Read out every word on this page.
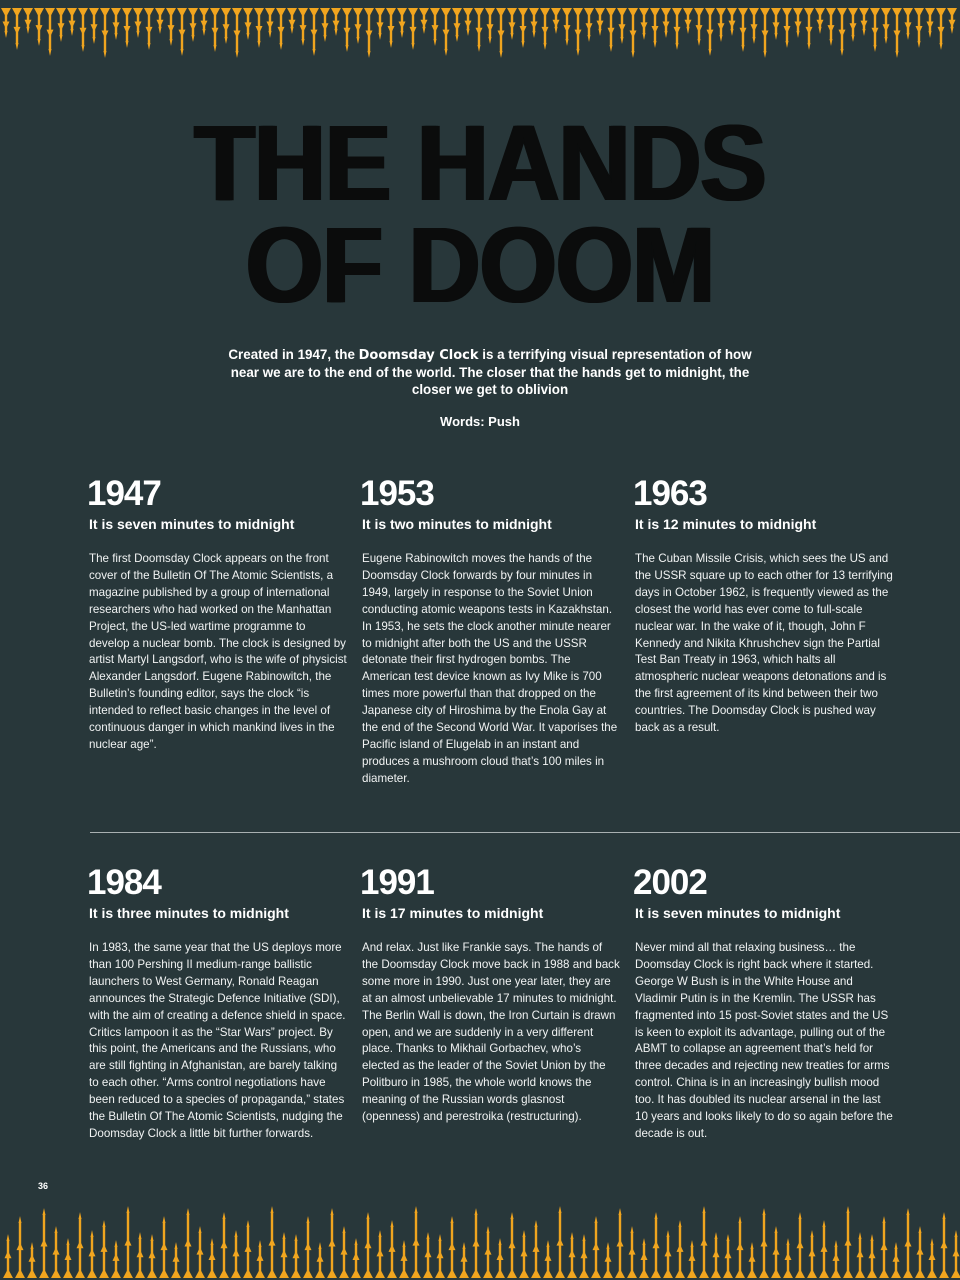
THE HANDS
OF DOOM

Created in 1947, the Doomsday Clock is a terrifying visual representation of how near we are to the end of the world. The closer that the hands get to midnight, the closer we get to oblivion

Words: Push
1947
It is seven minutes to midnight
The first Doomsday Clock appears on the front cover of the Bulletin Of The Atomic Scientists, a magazine published by a group of international researchers who had worked on the Manhattan Project, the US-led wartime programme to develop a nuclear bomb. The clock is designed by artist Martyl Langsdorf, who is the wife of physicist Alexander Langsdorf. Eugene Rabinowitch, the Bulletin’s founding editor, says the clock “is intended to reflect basic changes in the level of continuous danger in which mankind lives in the nuclear age”.
1953
It is two minutes to midnight
Eugene Rabinowitch moves the hands of the Doomsday Clock forwards by four minutes in 1949, largely in response to the Soviet Union conducting atomic weapons tests in Kazakhstan. In 1953, he sets the clock another minute nearer to midnight after both the US and the USSR detonate their first hydrogen bombs. The American test device known as Ivy Mike is 700 times more powerful than that dropped on the Japanese city of Hiroshima by the Enola Gay at the end of the Second World War. It vaporises the Pacific island of Elugelab in an instant and produces a mushroom cloud that’s 100 miles in diameter.
1963
It is 12 minutes to midnight
The Cuban Missile Crisis, which sees the US and the USSR square up to each other for 13 terrifying days in October 1962, is frequently viewed as the closest the world has ever come to full-scale nuclear war. In the wake of it, though, John F Kennedy and Nikita Khrushchev sign the Partial Test Ban Treaty in 1963, which halts all atmospheric nuclear weapons detonations and is the first agreement of its kind between their two countries. The Doomsday Clock is pushed way back as a result.
1984
It is three minutes to midnight
In 1983, the same year that the US deploys more than 100 Pershing II medium-range ballistic launchers to West Germany, Ronald Reagan announces the Strategic Defence Initiative (SDI), with the aim of creating a defence shield in space. Critics lampoon it as the “Star Wars” project. By this point, the Americans and the Russians, who are still fighting in Afghanistan, are barely talking to each other. “Arms control negotiations have been reduced to a species of propaganda,” states the Bulletin Of The Atomic Scientists, nudging the Doomsday Clock a little bit further forwards.
1991
It is 17 minutes to midnight
And relax. Just like Frankie says. The hands of the Doomsday Clock move back in 1988 and back some more in 1990. Just one year later, they are at an almost unbelievable 17 minutes to midnight. The Berlin Wall is down, the Iron Curtain is drawn open, and we are suddenly in a very different place. Thanks to Mikhail Gorbachev, who’s elected as the leader of the Soviet Union by the Politburo in 1985, the whole world knows the meaning of the Russian words glasnost (openness) and perestroika (restructuring).
2002
It is seven minutes to midnight
Never mind all that relaxing business… the Doomsday Clock is right back where it started. George W Bush is in the White House and Vladimir Putin is in the Kremlin. The USSR has fragmented into 15 post-Soviet states and the US is keen to exploit its advantage, pulling out of the ABMT to collapse an agreement that’s held for three decades and rejecting new treaties for arms control. China is in an increasingly bullish mood too. It has doubled its nuclear arsenal in the last 10 years and looks likely to do so again before the decade is out.
36
